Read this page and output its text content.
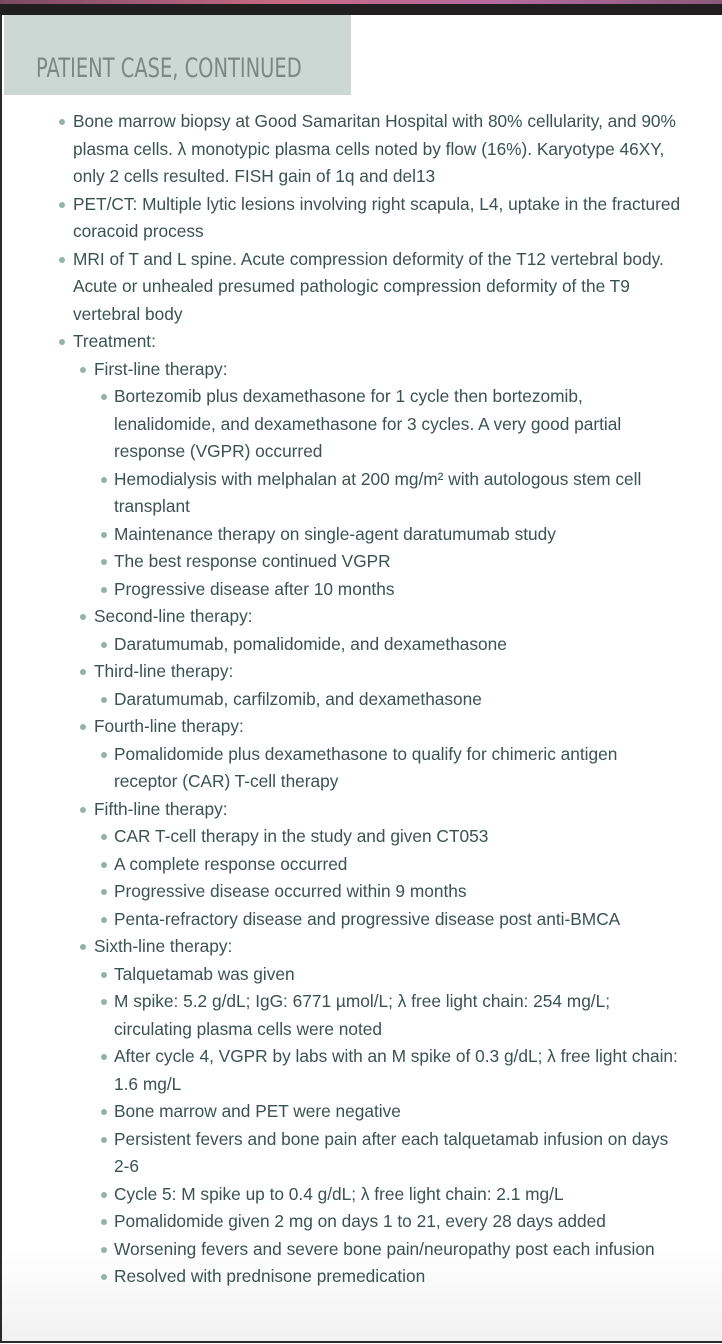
PATIENT CASE, CONTINUED
Bone marrow biopsy at Good Samaritan Hospital with 80% cellularity, and 90% plasma cells. λ monotypic plasma cells noted by flow (16%). Karyotype 46XY, only 2 cells resulted. FISH gain of 1q and del13
PET/CT: Multiple lytic lesions involving right scapula, L4, uptake in the fractured coracoid process
MRI of T and L spine. Acute compression deformity of the T12 vertebral body. Acute or unhealed presumed pathologic compression deformity of the T9 vertebral body
Treatment:
First-line therapy:
Bortezomib plus dexamethasone for 1 cycle then bortezomib, lenalidomide, and dexamethasone for 3 cycles. A very good partial response (VGPR) occurred
Hemodialysis with melphalan at 200 mg/m² with autologous stem cell transplant
Maintenance therapy on single-agent daratumumab study
The best response continued VGPR
Progressive disease after 10 months
Second-line therapy:
Daratumumab, pomalidomide, and dexamethasone
Third-line therapy:
Daratumumab, carfilzomib, and dexamethasone
Fourth-line therapy:
Pomalidomide plus dexamethasone to qualify for chimeric antigen receptor (CAR) T-cell therapy
Fifth-line therapy:
CAR T-cell therapy in the study and given CT053
A complete response occurred
Progressive disease occurred within 9 months
Penta-refractory disease and progressive disease post anti-BMCA
Sixth-line therapy:
Talquetamab was given
M spike: 5.2 g/dL; IgG: 6771 µmol/L; λ free light chain: 254 mg/L; circulating plasma cells were noted
After cycle 4, VGPR by labs with an M spike of 0.3 g/dL; λ free light chain: 1.6 mg/L
Bone marrow and PET were negative
Persistent fevers and bone pain after each talquetamab infusion on days 2-6
Cycle 5: M spike up to 0.4 g/dL; λ free light chain: 2.1 mg/L
Pomalidomide given 2 mg on days 1 to 21, every 28 days added
Worsening fevers and severe bone pain/neuropathy post each infusion
Resolved with prednisone premedication
